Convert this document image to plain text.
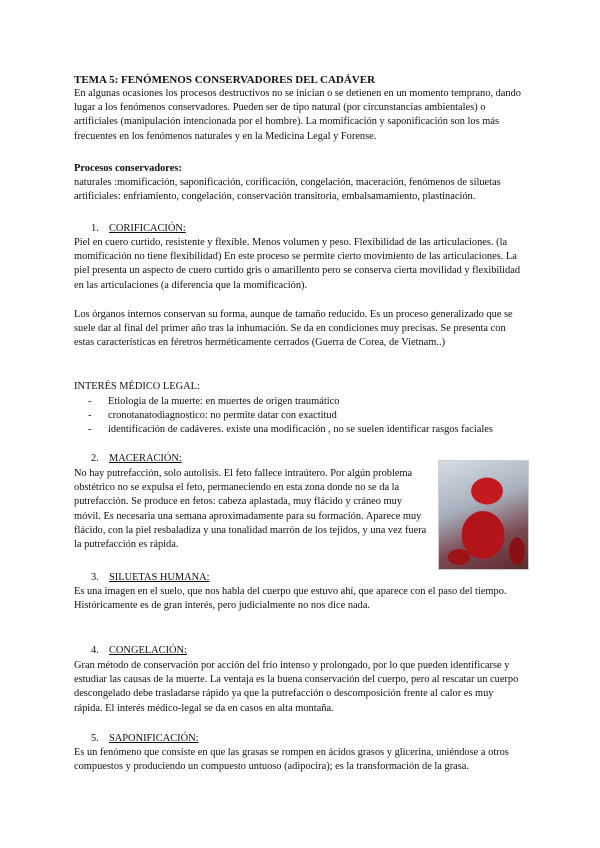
TEMA 5: FENÓMENOS CONSERVADORES DEL CADÁVER

En algunas ocasiones los procesos destructivos no se inician o se detienen en un momento temprano, dando lugar a los fenómenos conservadores. Pueden ser de tipo natural (por circunstancias ambientales) o artificiales (manipulación intencionada por el hombre). La momificación y saponificación son los más frecuentes en los fenómenos naturales y en la Medicina Legal y Forense.

Procesos conservadores:

naturales :momificación, saponificación, corificación, congelación, maceración, fenómenos de siluetas artificiales: enfriamiento, congelación, conservación transitoria, embalsamamiento, plastinación.

1. CORIFICACIÓN:

Piel en cuero curtido, resistente y flexible. Menos volumen y peso. Flexibilidad de las articulaciones. (la momificación no tiene flexibilidad) En este proceso se permite cierto movimiento de las articulaciones. La piel presenta un aspecto de cuero curtido gris o amarillento pero se conserva cierta movilidad y flexibilidad en las articulaciones (a diferencia que la momificación).

Los órganos internos conservan su forma, aunque de tamaño reducido. Es un proceso generalizado que se suele dar al final del primer año tras la inhumación. Se da en condiciones muy precisas. Se presenta con estas características en féretros herméticamente cerrados (Guerra de Corea, de Vietnam..)

INTERÉS MÉDICO LEGAL:
- Etiología de la muerte: en muertes de origen traumático
- cronotanatodiagnostico: no permite datar con exactitud
- identificación de cadáveres. existe una modificación , no se suelen identificar rasgos faciales
2. MACERACIÓN:

No hay putrefacción, solo autolisis. El feto fallece intraútero. Por algún problema obstétrico no se expulsa el feto, permaneciendo en esta zona donde no se da la putrefacción. Se produce en fetos: cabeza aplastada, muy flácido y cráneo muy móvil. Es necesaria una semana aproximadamente para su formación. Aparece muy flácido, con la piel resbaladiza y una tonalidad marrón de los tejidos, y una vez fuera la putrefacción es rápida.

3. SILUETAS HUMANA:

Es una imagen en el suelo, que nos habla del cuerpo que estuvo ahí, que aparece con el paso del tiempo. Históricamente es de gran interés, pero judicialmente no nos dice nada.

4. CONGELACIÓN:

Gran método de conservación por acción del frío intenso y prolongado, por lo que pueden identificarse y estudiar las causas de la muerte. La ventaja es la buena conservación del cuerpo, pero al rescatar un cuerpo descongelado debe trasladarse rápido ya que la putrefacción o descomposición frente al calor es muy rápida. El interés médico-legal se da en casos en alta montaña.

5. SAPONIFICACIÓN:

Es un fenómeno que consiste en que las grasas se rompen en ácidos grasos y glicerina, uniéndose a otros compuestos y produciendo un compuesto untuoso (adipocira); es la transformación de la grasa.
